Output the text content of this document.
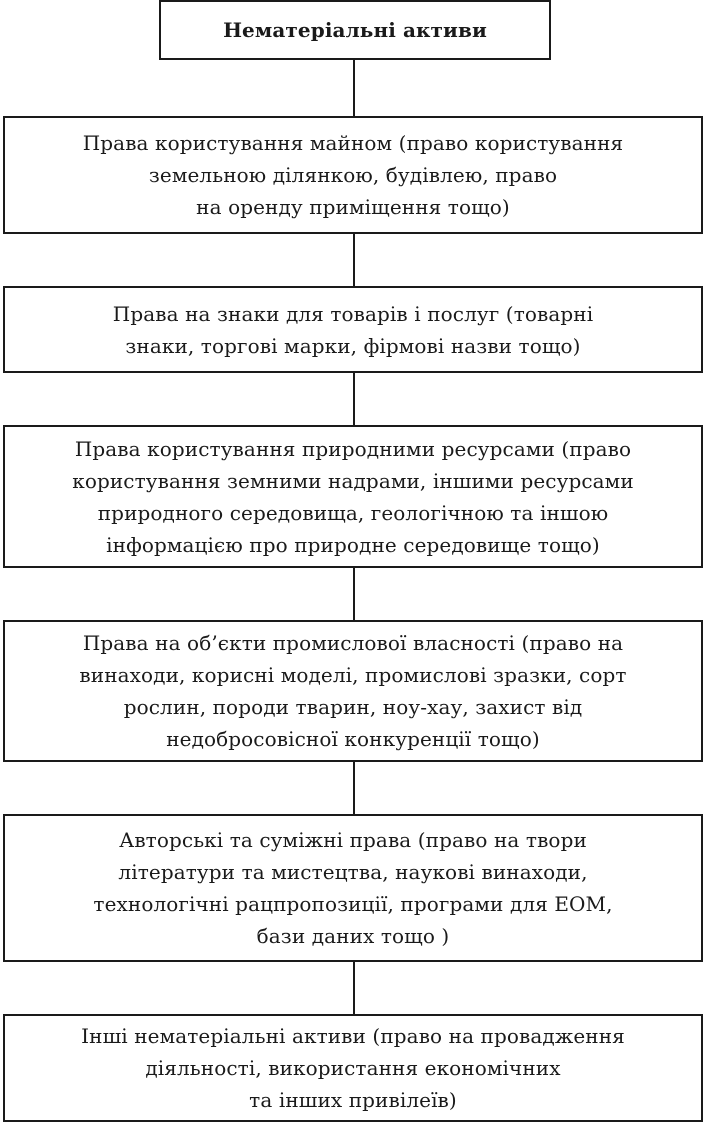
Нематеріальні активи
Права користування майном (право користування
земельною ділянкою, будівлею, право
на оренду приміщення тощо)
Права на знаки для товарів і послуг (товарні
знаки, торгові марки, фірмові назви тощо)
Права користування природними ресурсами (право
користування земними надрами, іншими ресурсами
природного середовища, геологічною та іншою
інформацією про природне середовище тощо)
Права на об’єкти промислової власності (право на
винаходи, корисні моделі, промислові зразки, сорт
рослин, породи тварин, ноу-хау, захист від
недобросовісної конкуренції тощо)
Авторські та суміжні права (право на твори
літератури та мистецтва, наукові винаходи,
технологічні рацпропозиції, програми для ЕОМ,
бази даних тощо )
Інші нематеріальні активи (право на провадження
діяльності, використання економічних
та інших привілеїв)
